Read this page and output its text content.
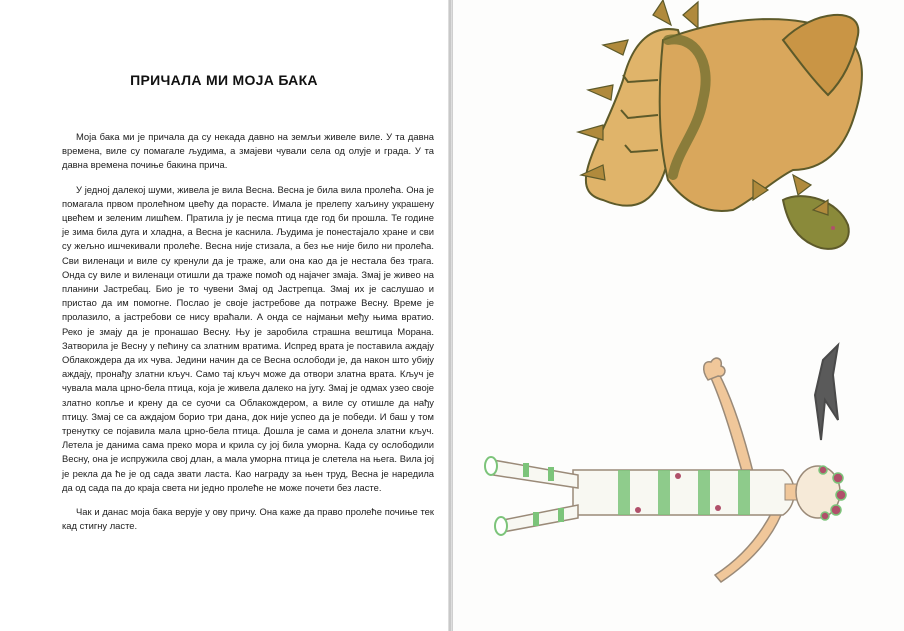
ПРИЧАЛА МИ МОЈА БАКА

Моја бака ми је причала да су некада давно на земљи живеле виле. У та давна времена, виле су помагале људима, а змајеви чували села од олује и града. У та давна времена почиње бакина прича.

У једној далекој шуми, живела је вила Весна. Весна је била вила пролећа. Она је помагала првом пролећном цвећу да порасте. Имала је прелепу хаљину украшену цвећем и зеленим лишћем. Пратила ју је песма птица где год би прошла. Те године је зима била дуга и хладна, а Весна је каснила. Људима је понестајало хране и сви су жељно ишчекивали пролеће. Весна није стизала, а без ње није било ни пролећа. Сви виленаци и виле су кренули да је траже, али она као да је нестала без трага. Онда су виле и виленаци отишли да траже помоћ од најачег змаја. Змај је живео на планини Јастребац. Био је то чувени Змај од Јастрепца. Змај их је саслушао и пристао да им помогне. Послао је своје јастребове да потраже Весну. Време је пролазило, а јастребови се нису враћали. А онда се најмањи међу њима вратио. Реко је змају да је пронашао Весну. Њу је заробила страшна вештица Морана. Затворила је Весну у пећину са златним вратима. Испред врата је поставила аждају Облакождера да их чува. Једини начин да се Весна ослободи је, да након што убију аждају, пронађу златни кључ. Само тај кључ може да отвори златна врата. Кључ је чувала мала црно-бела птица, која је живела далеко на југу. Змај је одмах узео своје златно копље и крену да се суочи са Облакождером, а виле су отишле да нађу птицу. Змај се са аждајом борио три дана, док није успео да је победи. И баш у том тренутку се појавила мала црно-бела птица. Дошла је сама и донела златни кључ. Летела је данима сама преко мора и крила су јој била уморна. Када су ослободили Весну, она је испружила свој длан, а мала уморна птица је слетела на њега. Вила јој је рекла да ће је од сада звати ласта. Као награду за њен труд, Весна је наредила да од сада па до краја света ни једно пролеће не може почети без ласте.

Чак и данас моја бака верује у ову причу. Она каже да право пролеће почиње тек кад стигну ласте.
